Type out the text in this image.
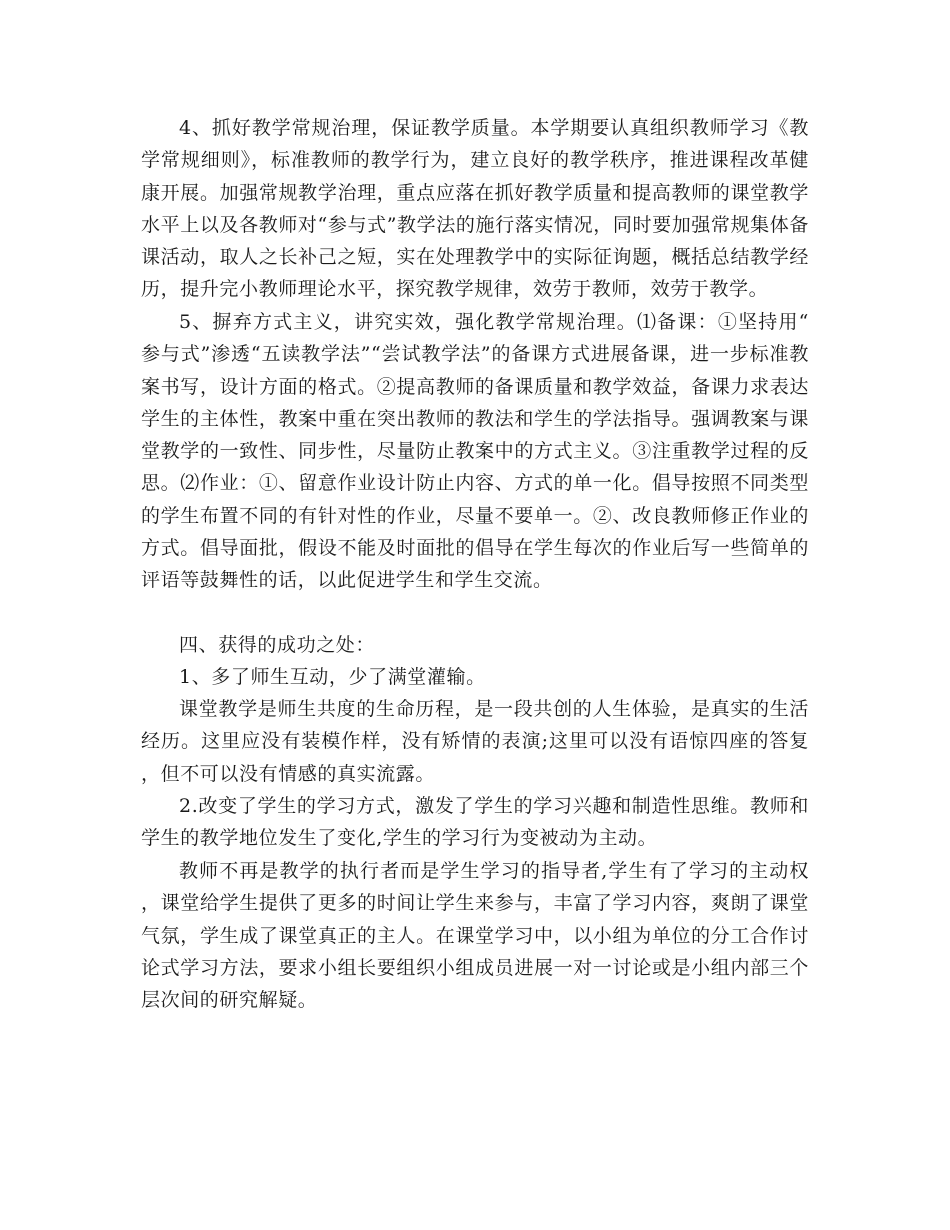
4、抓好教学常规治理，保证教学质量。本学期要认真组织教师学习《教学常规细则》，标准教师的教学行为，建立良好的教学秩序，推进课程改革健康开展。加强常规教学治理，重点应落在抓好教学质量和提高教师的课堂教学水平上以及各教师对“参与式”教学法的施行落实情况，同时要加强常规集体备课活动，取人之长补己之短，实在处理教学中的实际征询题，概括总结教学经历，提升完小教师理论水平，探究教学规律，效劳于教师，效劳于教学。

5、摒弃方式主义，讲究实效，强化教学常规治理。⑴备课：①坚持用“参与式”渗透“五读教学法”“尝试教学法”的备课方式进展备课，进一步标准教案书写，设计方面的格式。②提高教师的备课质量和教学效益，备课力求表达学生的主体性，教案中重在突出教师的教法和学生的学法指导。强调教案与课堂教学的一致性、同步性，尽量防止教案中的方式主义。③注重教学过程的反思。⑵作业：①、留意作业设计防止内容、方式的单一化。倡导按照不同类型的学生布置不同的有针对性的作业，尽量不要单一。②、改良教师修正作业的方式。倡导面批，假设不能及时面批的倡导在学生每次的作业后写一些简单的评语等鼓舞性的话，以此促进学生和学生交流。

四、获得的成功之处：

1、多了师生互动，少了满堂灌输。

课堂教学是师生共度的生命历程，是一段共创的人生体验，是真实的生活经历。这里应没有装模作样，没有矫情的表演;这里可以没有语惊四座的答复，但不可以没有情感的真实流露。

2.改变了学生的学习方式，激发了学生的学习兴趣和制造性思维。教师和学生的教学地位发生了变化,学生的学习行为变被动为主动。

教师不再是教学的执行者而是学生学习的指导者,学生有了学习的主动权，课堂给学生提供了更多的时间让学生来参与，丰富了学习内容，爽朗了课堂气氛，学生成了课堂真正的主人。在课堂学习中，以小组为单位的分工合作讨论式学习方法，要求小组长要组织小组成员进展一对一讨论或是小组内部三个层次间的研究解疑。
